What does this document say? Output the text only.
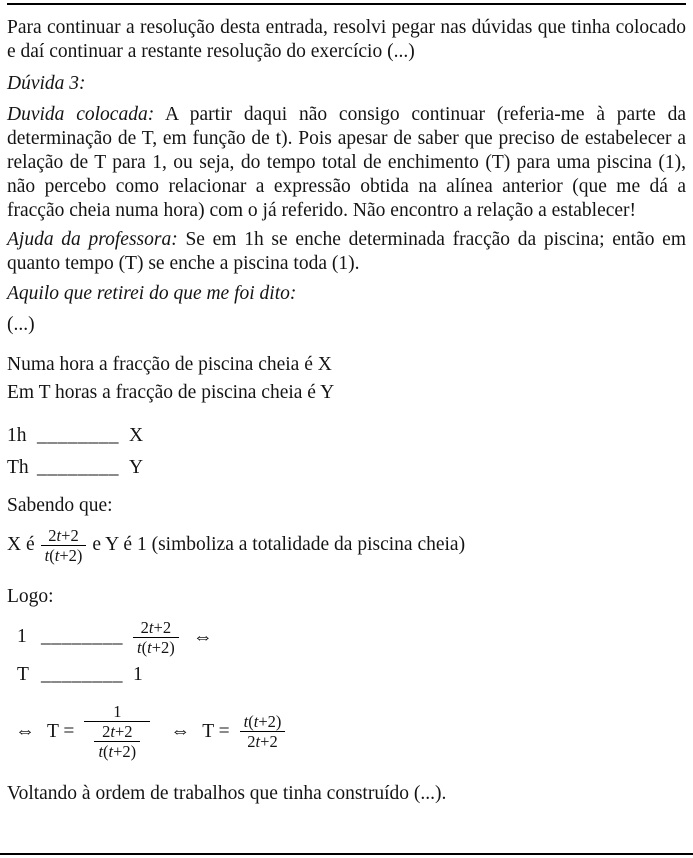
Para continuar a resolução desta entrada, resolvi pegar nas dúvidas que tinha colocado e daí continuar a restante resolução do exercício (...)

Dúvida 3:

Duvida colocada: A partir daqui não consigo continuar (referia-me à parte da determinação de T, em função de t). Pois apesar de saber que preciso de estabelecer a relação de T para 1, ou seja, do tempo total de enchimento (T) para uma piscina (1), não percebo como relacionar a expressão obtida na alínea anterior (que me dá a fracção cheia numa hora) com o já referido. Não encontro a relação a establecer!

Ajuda da professora: Se em 1h se enche determinada fracção da piscina; então em quanto tempo (T) se enche a piscina toda (1).

Aquilo que retirei do que me foi dito:

(...)

Numa hora a fracção de piscina cheia é X
Em T horas a fracção de piscina cheia é Y
1h ________ X
Th ________ Y

Sabendo que:

X é $\frac{2t+2}{t(t+2)}$ e Y é 1 (simboliza a totalidade da piscina cheia)

Logo:

1 ________ $\frac{2t+2}{t(t+2)}$ ⇔
T ________ 1
⇔ $T = \frac{1}{\frac{2t+2}{t(t+2)}}$ ⇔ $T = \frac{t(t+2)}{2t+2}$

Voltando à ordem de trabalhos que tinha construído (...).
